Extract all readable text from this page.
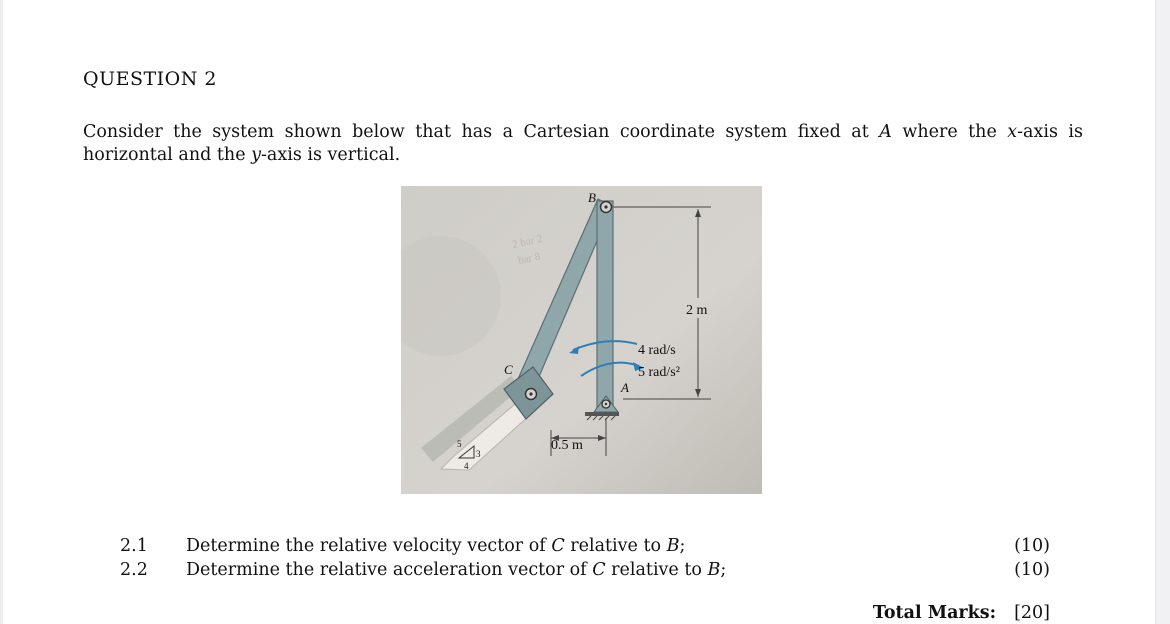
QUESTION 2
Consider the system shown below that has a Cartesian coordinate system fixed at A where the x-axis is horizontal and the y-axis is vertical.
2 bar 2
bar 8
B
C
A
2 m
4 rad/s
5 rad/s²
0.5 m
5
3
4
2.1 Determine the relative velocity vector of C relative to B;	(10)
2.2 Determine the relative acceleration vector of C relative to B;	(10)
Total Marks: [20]
